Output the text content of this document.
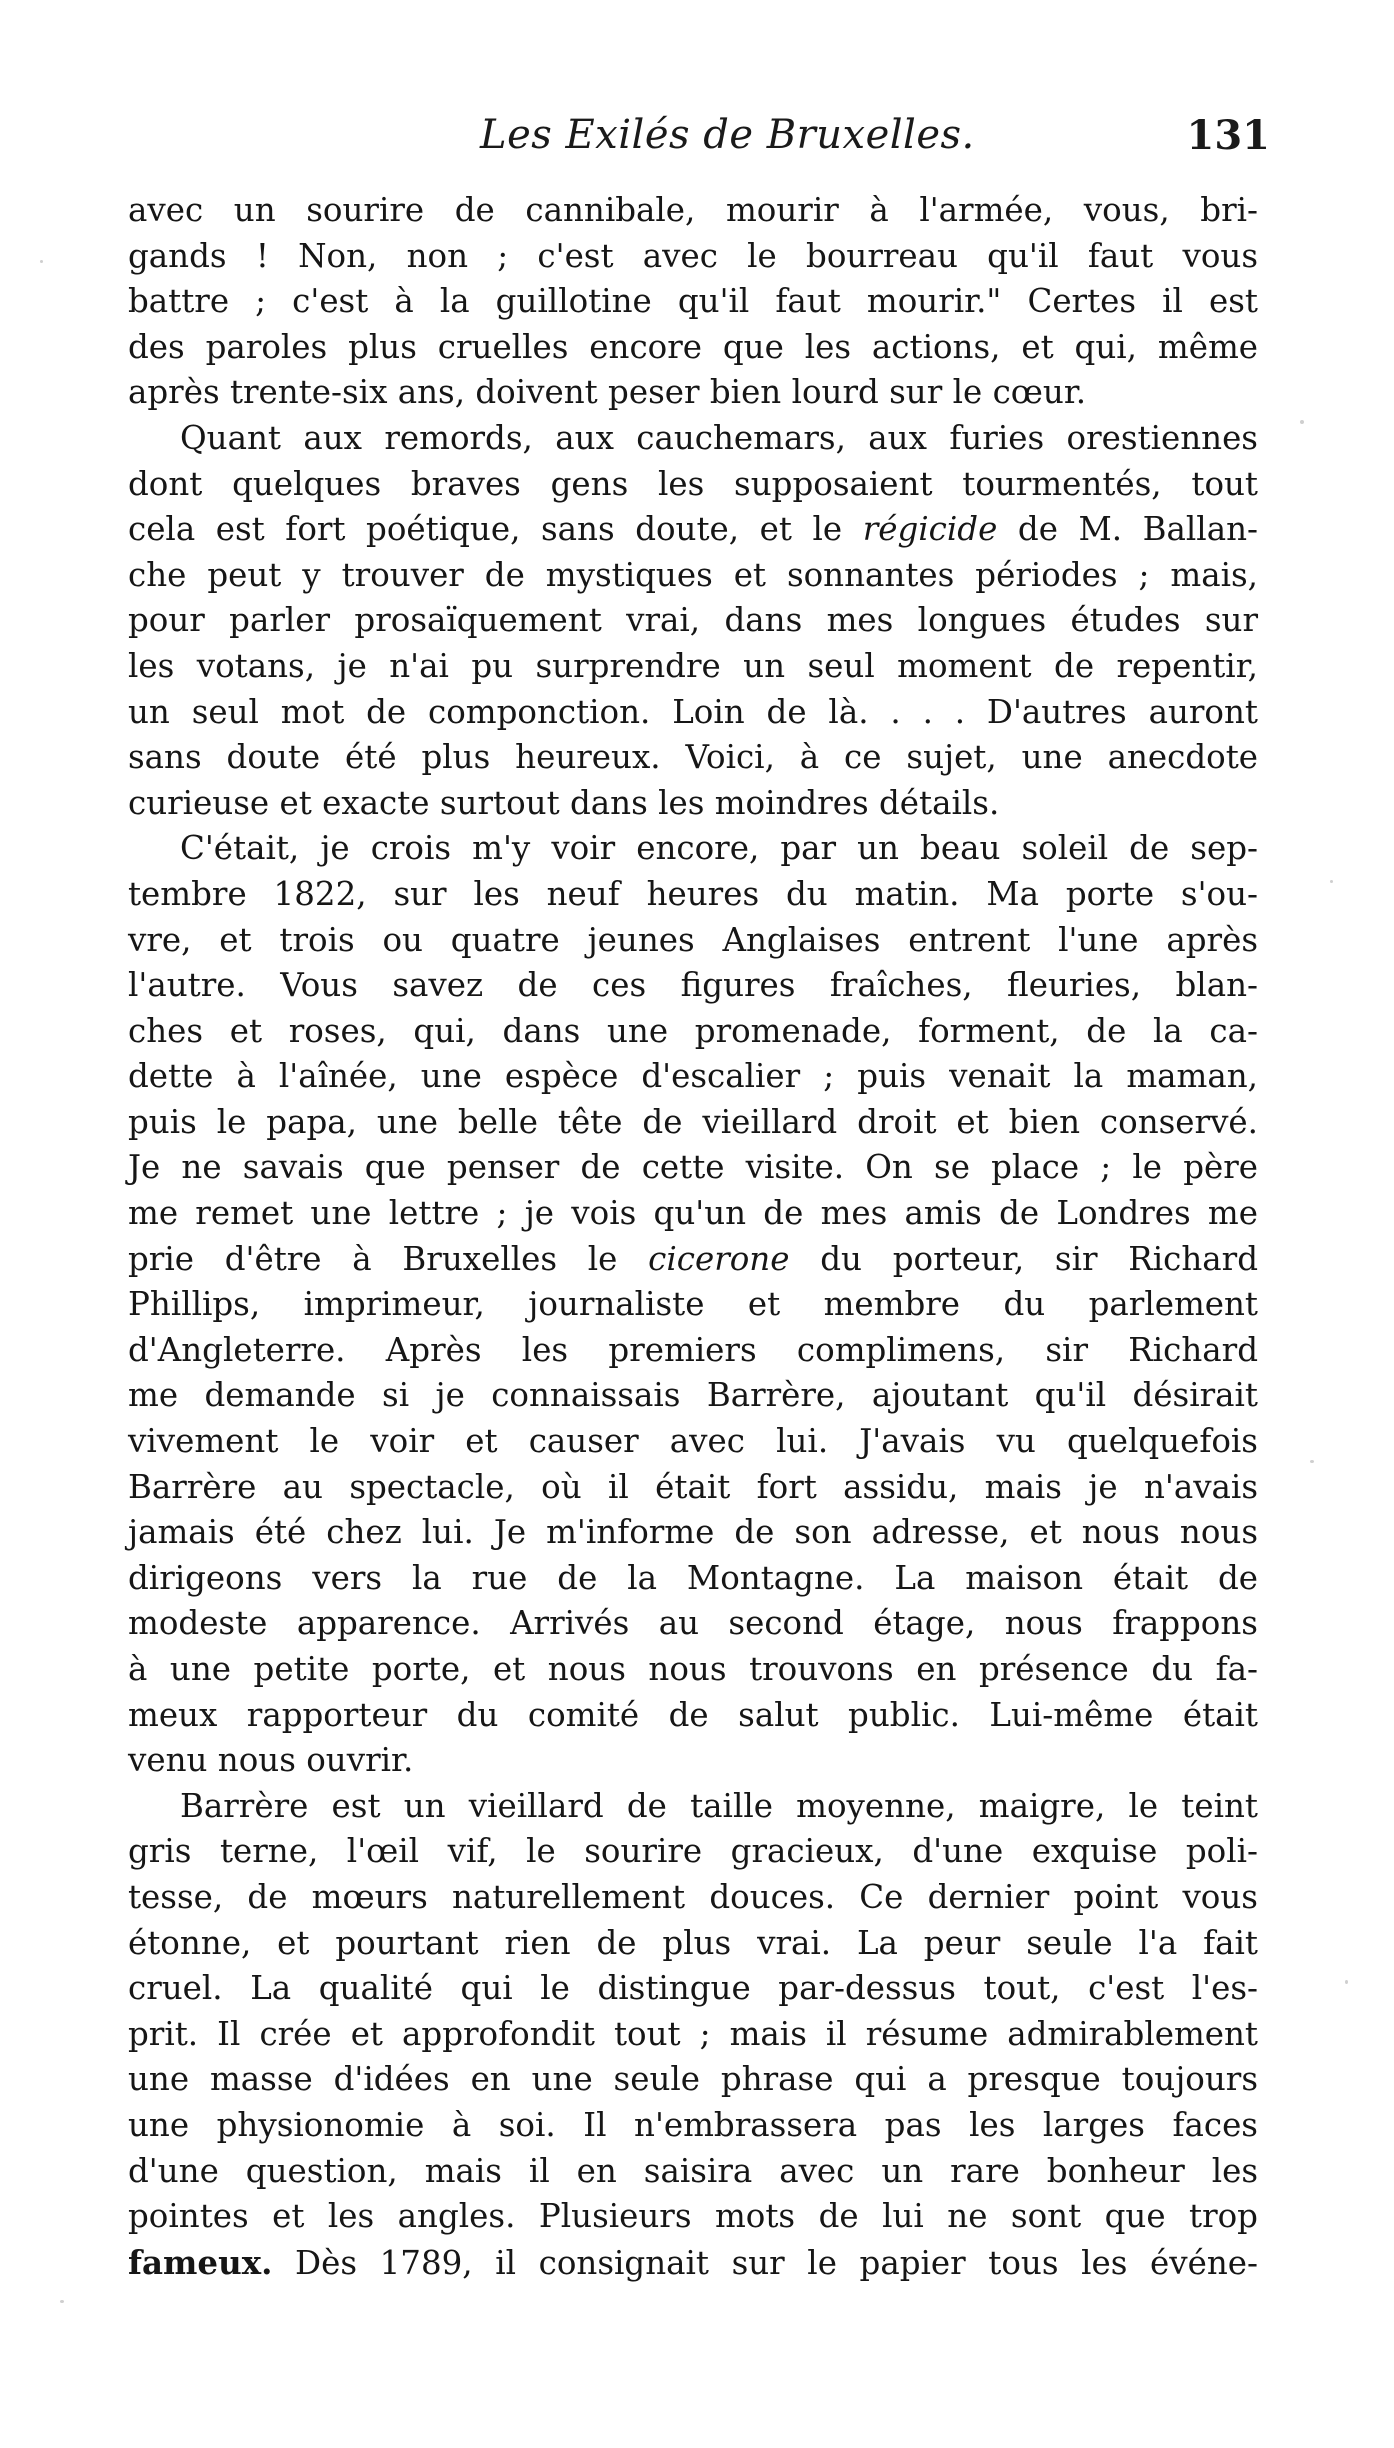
Les Exilés de Bruxelles.	131
avec un sourire de cannibale, mourir à l'armée, vous, bri-
gands ! Non, non ; c'est avec le bourreau qu'il faut vous
battre ; c'est à la guillotine qu'il faut mourir." Certes il est
des paroles plus cruelles encore que les actions, et qui, même
après trente-six ans, doivent peser bien lourd sur le cœur.
Quant aux remords, aux cauchemars, aux furies orestiennes
dont quelques braves gens les supposaient tourmentés, tout
cela est fort poétique, sans doute, et le régicide de M. Ballan-
che peut y trouver de mystiques et sonnantes périodes ; mais,
pour parler prosaïquement vrai, dans mes longues études sur
les votans, je n'ai pu surprendre un seul moment de repentir,
un seul mot de componction. Loin de là. . . . D'autres auront
sans doute été plus heureux. Voici, à ce sujet, une anecdote
curieuse et exacte surtout dans les moindres détails.
C'était, je crois m'y voir encore, par un beau soleil de sep-
tembre 1822, sur les neuf heures du matin. Ma porte s'ou-
vre, et trois ou quatre jeunes Anglaises entrent l'une après
l'autre. Vous savez de ces figures fraîches, fleuries, blan-
ches et roses, qui, dans une promenade, forment, de la ca-
dette à l'aînée, une espèce d'escalier ; puis venait la maman,
puis le papa, une belle tête de vieillard droit et bien conservé.
Je ne savais que penser de cette visite. On se place ; le père
me remet une lettre ; je vois qu'un de mes amis de Londres me
prie d'être à Bruxelles le cicerone du porteur, sir Richard
Phillips, imprimeur, journaliste et membre du parlement
d'Angleterre. Après les premiers complimens, sir Richard
me demande si je connaissais Barrère, ajoutant qu'il désirait
vivement le voir et causer avec lui. J'avais vu quelquefois
Barrère au spectacle, où il était fort assidu, mais je n'avais
jamais été chez lui. Je m'informe de son adresse, et nous nous
dirigeons vers la rue de la Montagne. La maison était de
modeste apparence. Arrivés au second étage, nous frappons
à une petite porte, et nous nous trouvons en présence du fa-
meux rapporteur du comité de salut public. Lui-même était
venu nous ouvrir.
Barrère est un vieillard de taille moyenne, maigre, le teint
gris terne, l'œil vif, le sourire gracieux, d'une exquise poli-
tesse, de mœurs naturellement douces. Ce dernier point vous
étonne, et pourtant rien de plus vrai. La peur seule l'a fait
cruel. La qualité qui le distingue par-dessus tout, c'est l'es-
prit. Il crée et approfondit tout ; mais il résume admirablement
une masse d'idées en une seule phrase qui a presque toujours
une physionomie à soi. Il n'embrassera pas les larges faces
d'une question, mais il en saisira avec un rare bonheur les
pointes et les angles. Plusieurs mots de lui ne sont que trop
fameux. Dès 1789, il consignait sur le papier tous les événe-
